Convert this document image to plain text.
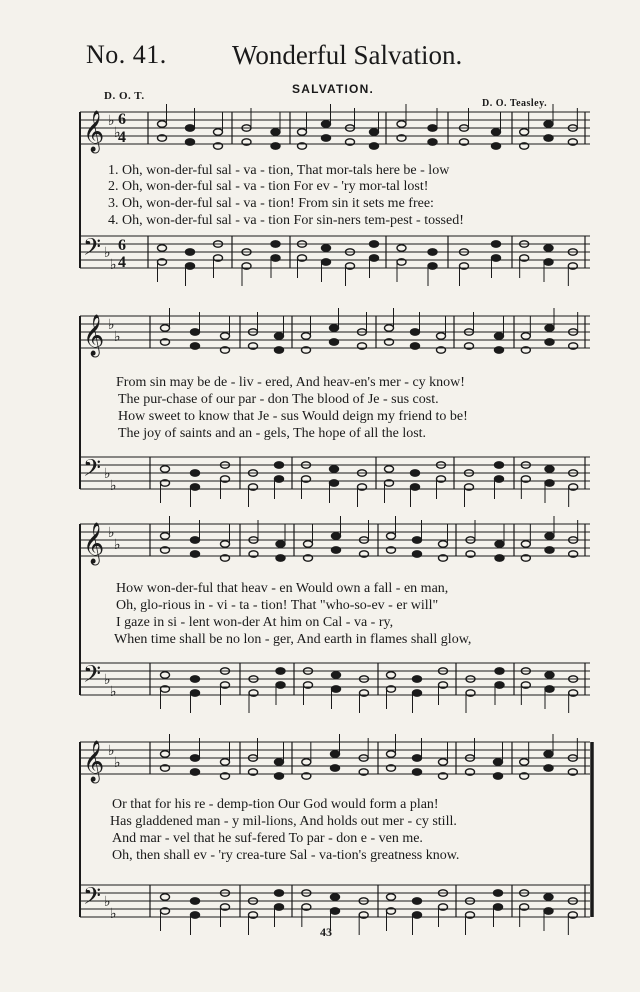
No. 41. Wonderful Salvation.
D. O. T.	SALVATION.
D. O. Teasley.
𝄞
𝄢
♭
♭
♭
♭
𝄞
𝄢
♭
♭
♭
♭
𝄞
𝄢
♭
♭
♭
♭
𝄞
𝄢
♭
♭
♭
♭
6
4
6
4
1. Oh, won-der-ful sal - va - tion, That mor-tals here be - low
2. Oh, won-der-ful sal - va - tion For ev - 'ry mor-tal lost!
3. Oh, won-der-ful sal - va - tion! From sin it sets me free:
4. Oh, won-der-ful sal - va - tion For sin-ners tem-pest - tossed!
From sin may be de - liv - ered, And heav-en's mer - cy know!
The pur-chase of our par - don The blood of Je - sus cost.
How sweet to know that Je - sus Would deign my friend to be!
The joy of saints and an - gels, The hope of all the lost.
How won-der-ful that heav - en Would own a fall - en man,
Oh, glo-rious in - vi - ta - tion! That "who-so-ev - er will"
I gaze in si - lent won-der At him on Cal - va - ry,
When time shall be no lon - ger, And earth in flames shall glow,
Or that for his re - demp-tion Our God would form a plan!
Has gladdened man - y mil-lions, And holds out mer - cy still.
And mar - vel that he suf-fered To par - don e - ven me.
Oh, then shall ev - 'ry crea-ture Sal - va-tion's greatness know.
43
